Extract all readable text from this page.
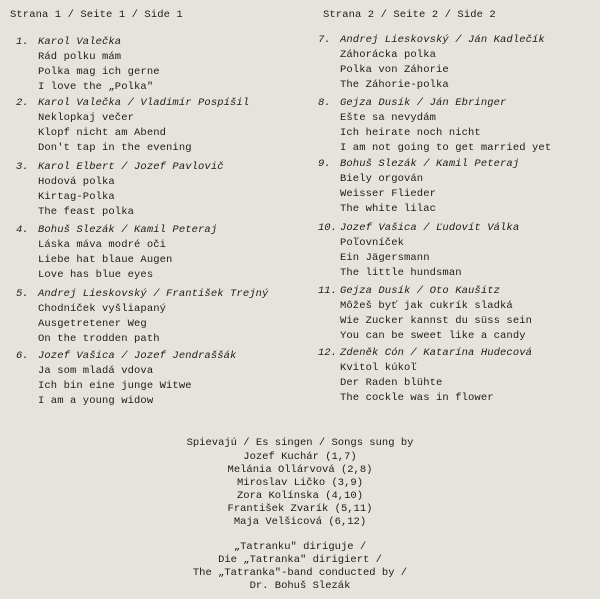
Strana 1 / Seite 1 / Side 1	Strana 2 / Seite 2 / Side 2
1. Karol Valečka
Rád polku mám
Polka mag ich gerne
I love the „Polka"
2. Karol Valečka / Vladimír Pospíšil
Neklopkaj večer
Klopf nicht am Abend
Don't tap in the evening
3. Karol Elbert / Jozef Pavlovič
Hodová polka
Kirtag-Polka
The feast polka
4. Bohuš Slezák / Kamil Peteraj
Láska máva modré oči
Liebe hat blaue Augen
Love has blue eyes
5. Andrej Lieskovský / František Trejný
Chodníček vyšliapaný
Ausgetretener Weg
On the trodden path
6. Jozef Vašica / Jozef Jendraššák
Ja som mladá vdova
Ich bin eine junge Witwe
I am a young widow
7. Andrej Lieskovský / Ján Kadlečík
Záhorácka polka
Polka von Záhorie
The Záhorie-polka
8. Gejza Dusík / Ján Ebringer
Ešte sa nevydám
Ich heirate noch nicht
I am not going to get married yet
9. Bohuš Slezák / Kamil Peteraj
Biely orgován
Weisser Flieder
The white lilac
10. Jozef Vašica / Ľudovít Válka
Poľovníček
Ein Jägersmann
The little hundsman
11. Gejza Dusík / Oto Kaušitz
Môžeš byť jak cukrík sladká
Wie Zucker kannst du süss sein
You can be sweet like a candy
12. Zdeněk Cón / Katarína Hudecová
Kvitol kúkoľ
Der Raden blühte
The cockle was in flower
Spievajú / Es singen / Songs sung by
Jozef Kuchár (1,7)
Melánia Ollárvová (2,8)
Miroslav Ličko (3,9)
Zora Kolínska (4,10)
František Zvarík (5,11)
Maja Velšicová (6,12)
„Tatranku" diriguje /
Die „Tatranka" dirigiert /
The „Tatranka"-band conducted by /
Dr. Bohuš Slezák
